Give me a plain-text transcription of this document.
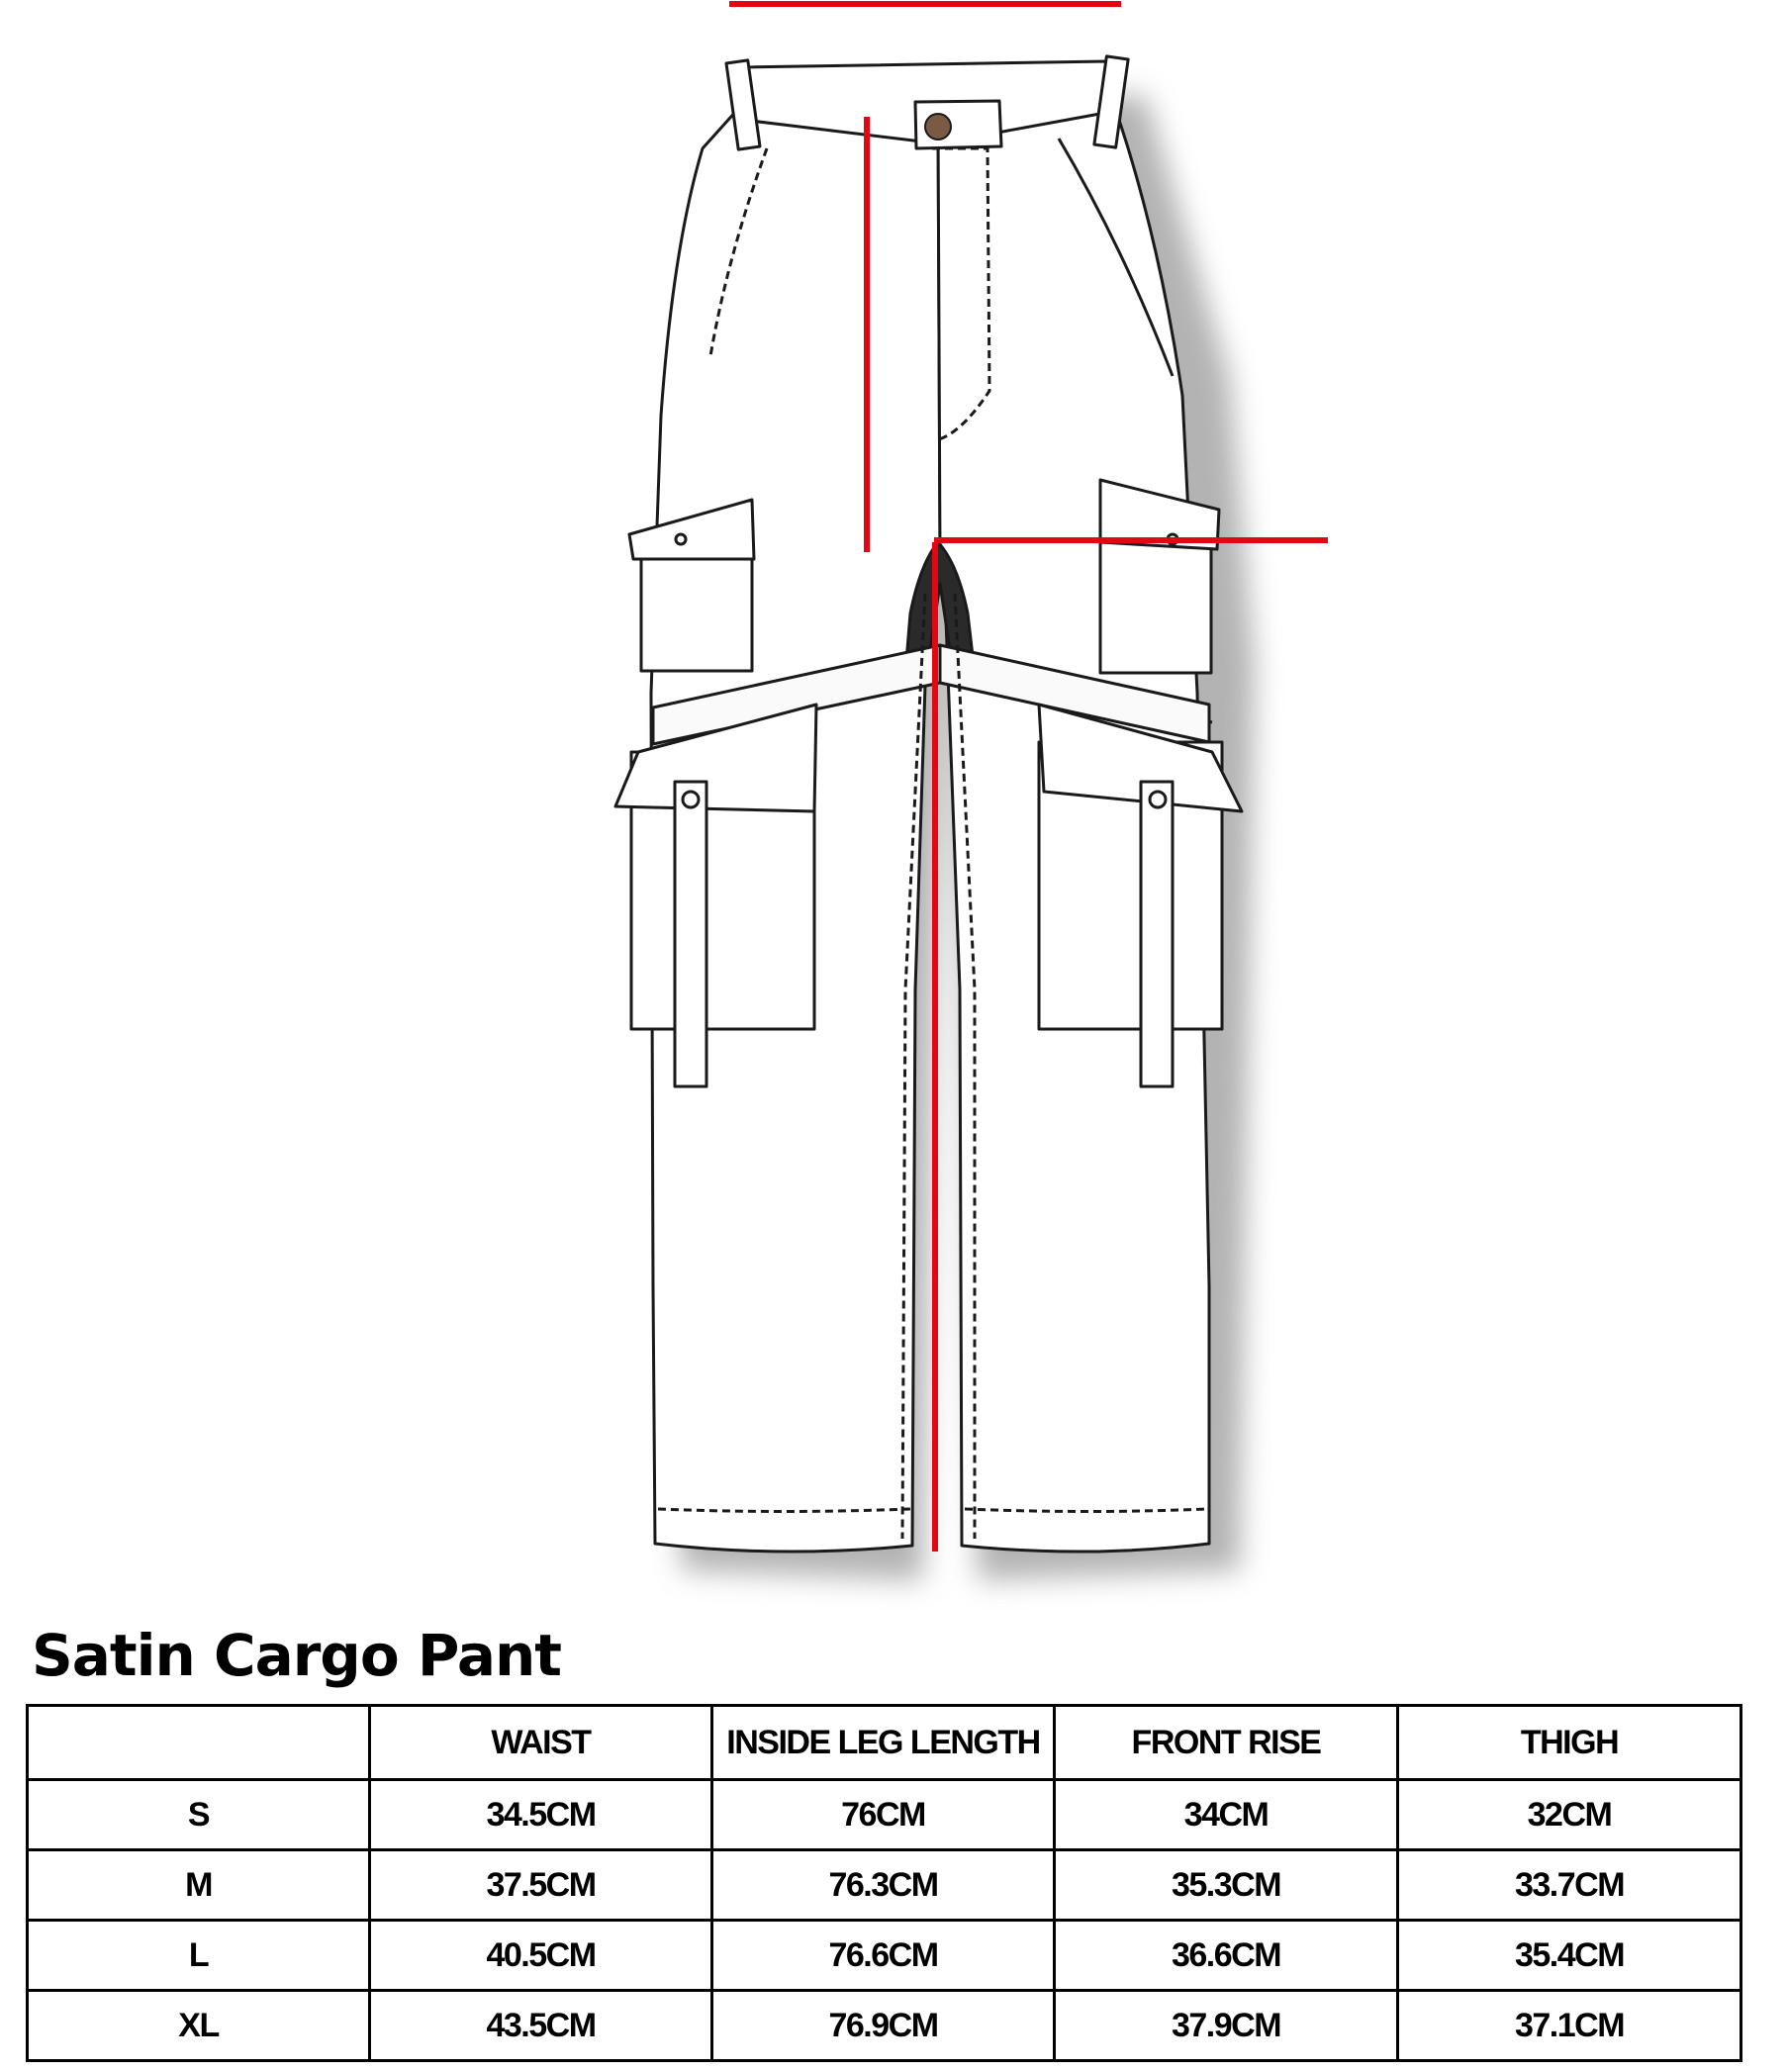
Satin Cargo Pant
	WAIST	INSIDE LEG LENGTH	FRONT RISE	THIGH
S	34.5CM	76CM	34CM	32CM
M	37.5CM	76.3CM	35.3CM	33.7CM
L	40.5CM	76.6CM	36.6CM	35.4CM
XL	43.5CM	76.9CM	37.9CM	37.1CM
